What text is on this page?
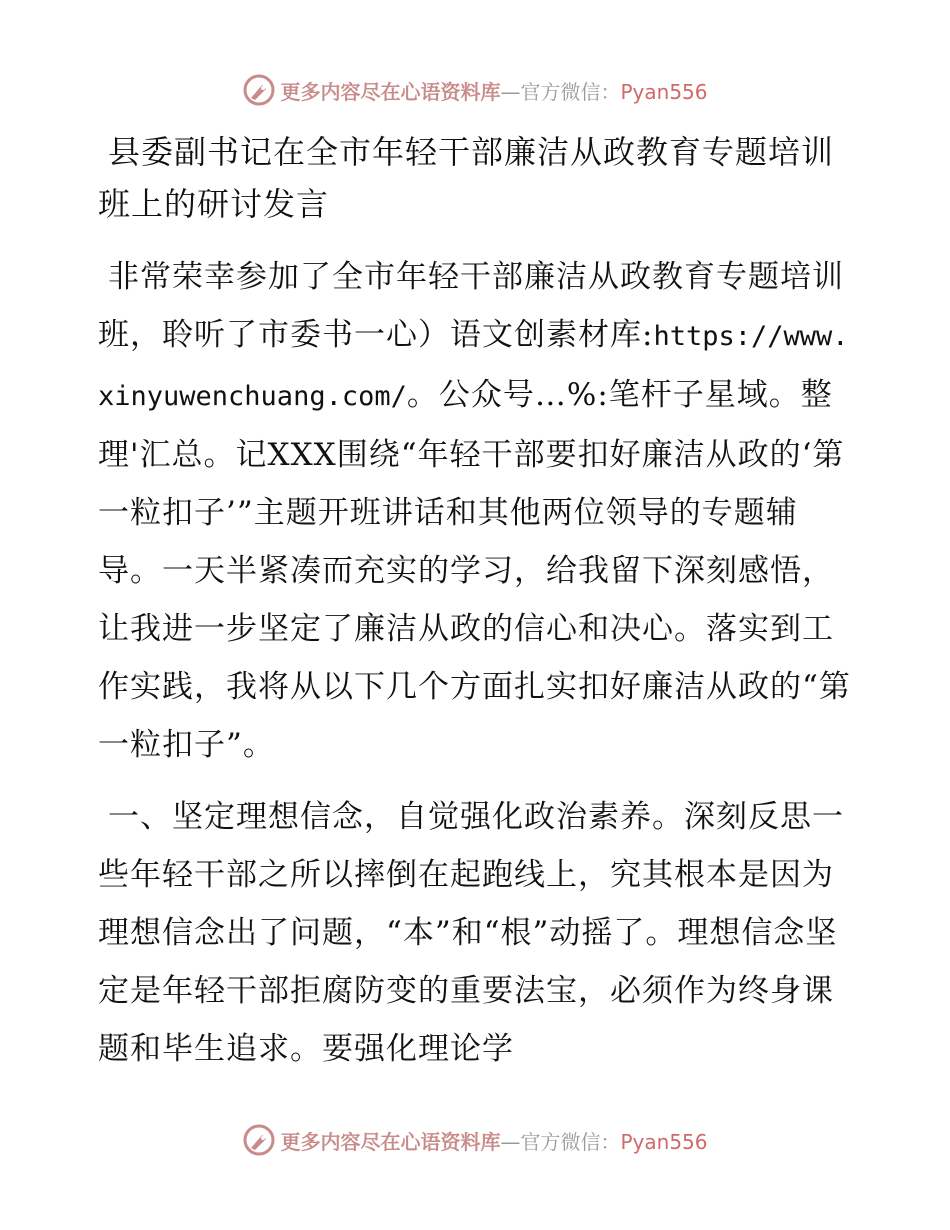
更多内容尽在心语资料库—官方微信：Pyan556
县委副书记在全市年轻干部廉洁从政教育专题培训班上的研讨发言

非常荣幸参加了全市年轻干部廉洁从政教育专题培训班，聆听了市委书一心）语文创素材库:https://www.xinyuwenchuang.com/。公众号…%:笔杆子星域。整理'汇总。记XXX围绕“年轻干部要扣好廉洁从政的‘第一粒扣子’”主题开班讲话和其他两位领导的专题辅导。一天半紧凑而充实的学习，给我留下深刻感悟，让我进一步坚定了廉洁从政的信心和决心。落实到工作实践，我将从以下几个方面扎实扣好廉洁从政的“第一粒扣子”。

一、坚定理想信念，自觉强化政治素养。深刻反思一些年轻干部之所以摔倒在起跑线上，究其根本是因为理想信念出了问题，“本”和“根”动摇了。理想信念坚定是年轻干部拒腐防变的重要法宝，必须作为终身课题和毕生追求。要强化理论学

更多内容尽在心语资料库—官方微信：Pyan556
